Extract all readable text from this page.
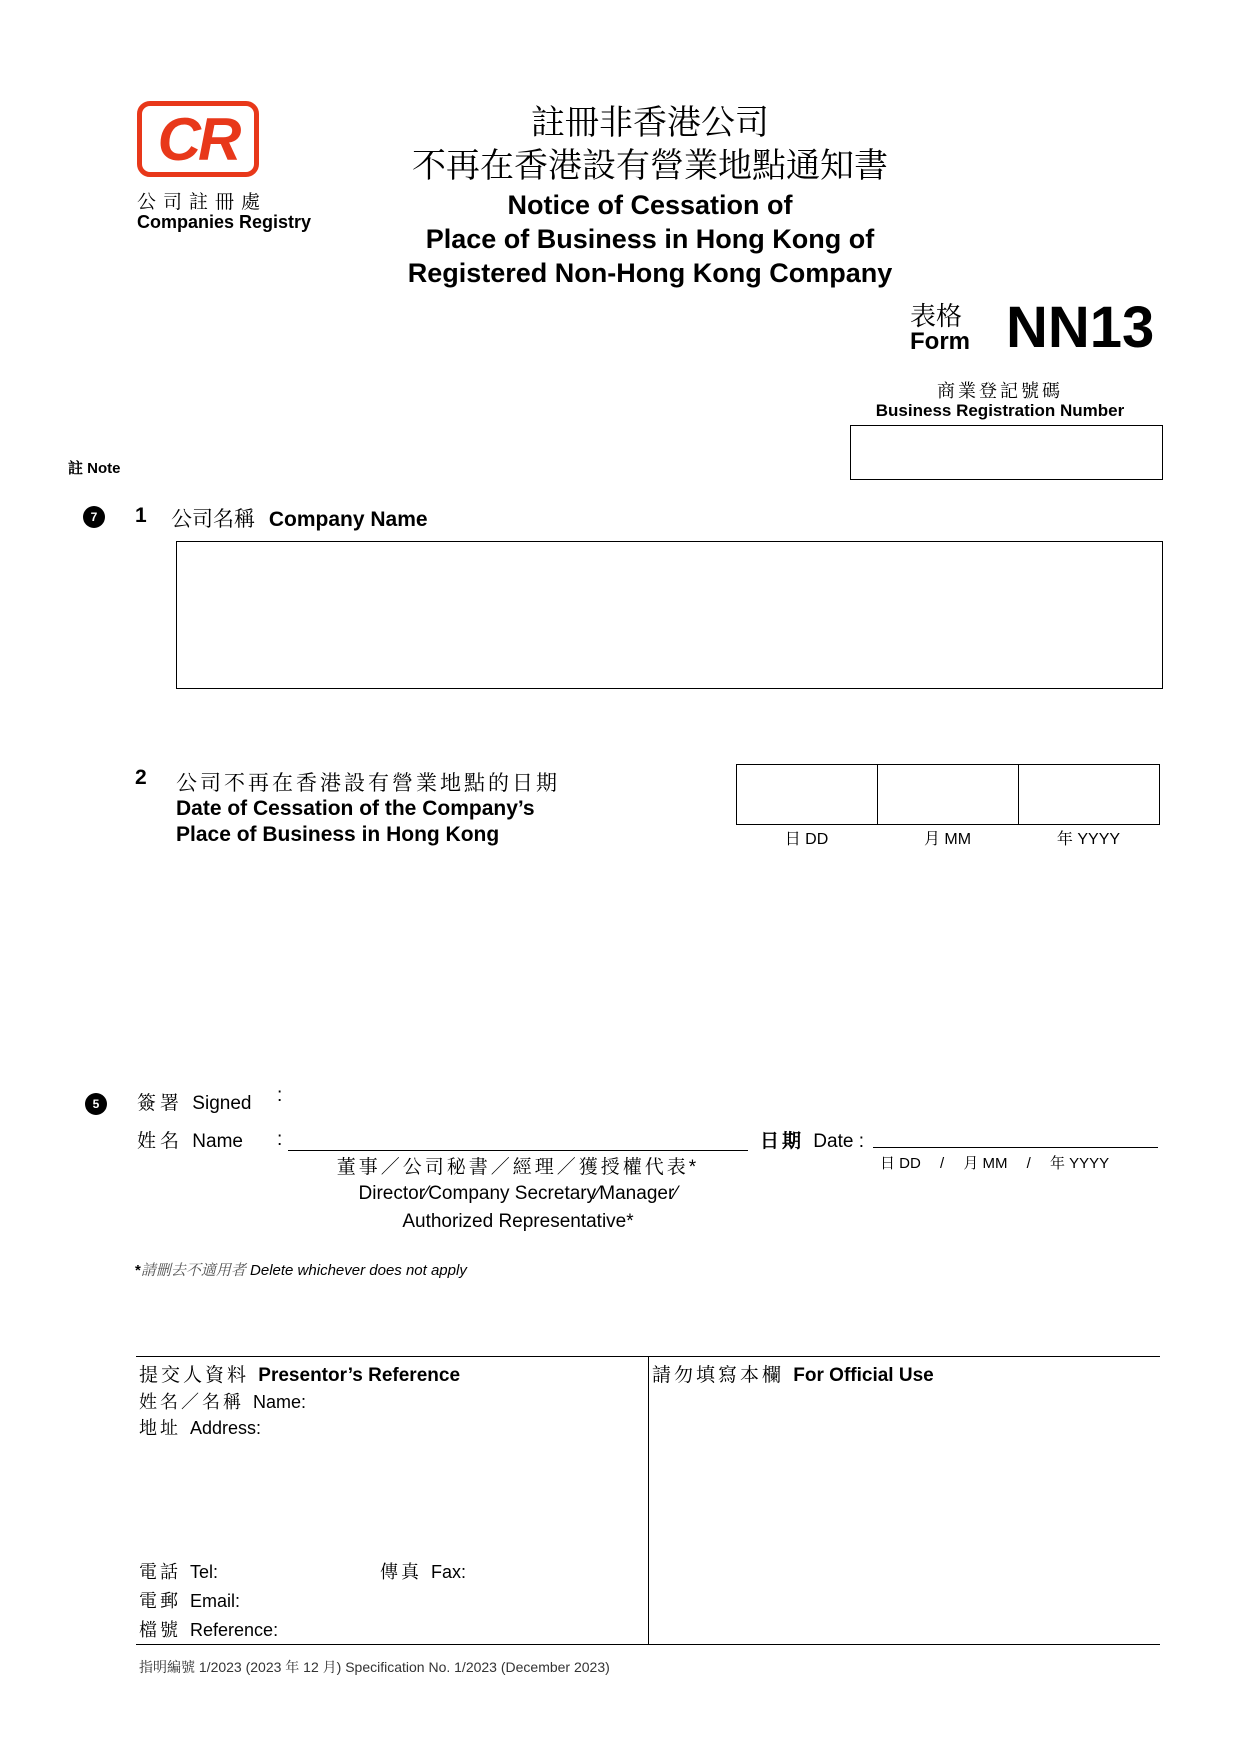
CR
公司註冊處
Companies Registry
註冊非香港公司
不再在香港設有營業地點通知書
Notice of Cessation of
Place of Business in Hong Kong of
Registered Non-Hong Kong Company
表格
Form NN13
商業登記號碼
Business Registration Number
註 Note
7	1 公司名稱 Company Name
2 公司不再在香港設有營業地點的日期
Date of Cessation of the Company’s
Place of Business in Hong Kong	日 DD	月 MM	年 YYYY
5	簽署 Signed :
姓名 Name :	日期 Date :
日 DD　 /　 月 MM　 /　 年 YYYY
董事／公司秘書／經理／獲授權代表*
Director⁄Company Secretary⁄Manager⁄
Authorized Representative*
*請刪去不適用者 Delete whichever does not apply
提交人資料 Presentor’s Reference
姓名／名稱 Name:
地址 Address:
電話 Tel:	傳真 Fax:
電郵 Email:
檔號 Reference:
請勿填寫本欄 For Official Use
指明編號 1/2023 (2023 年 12 月) Specification No. 1/2023 (December 2023)
